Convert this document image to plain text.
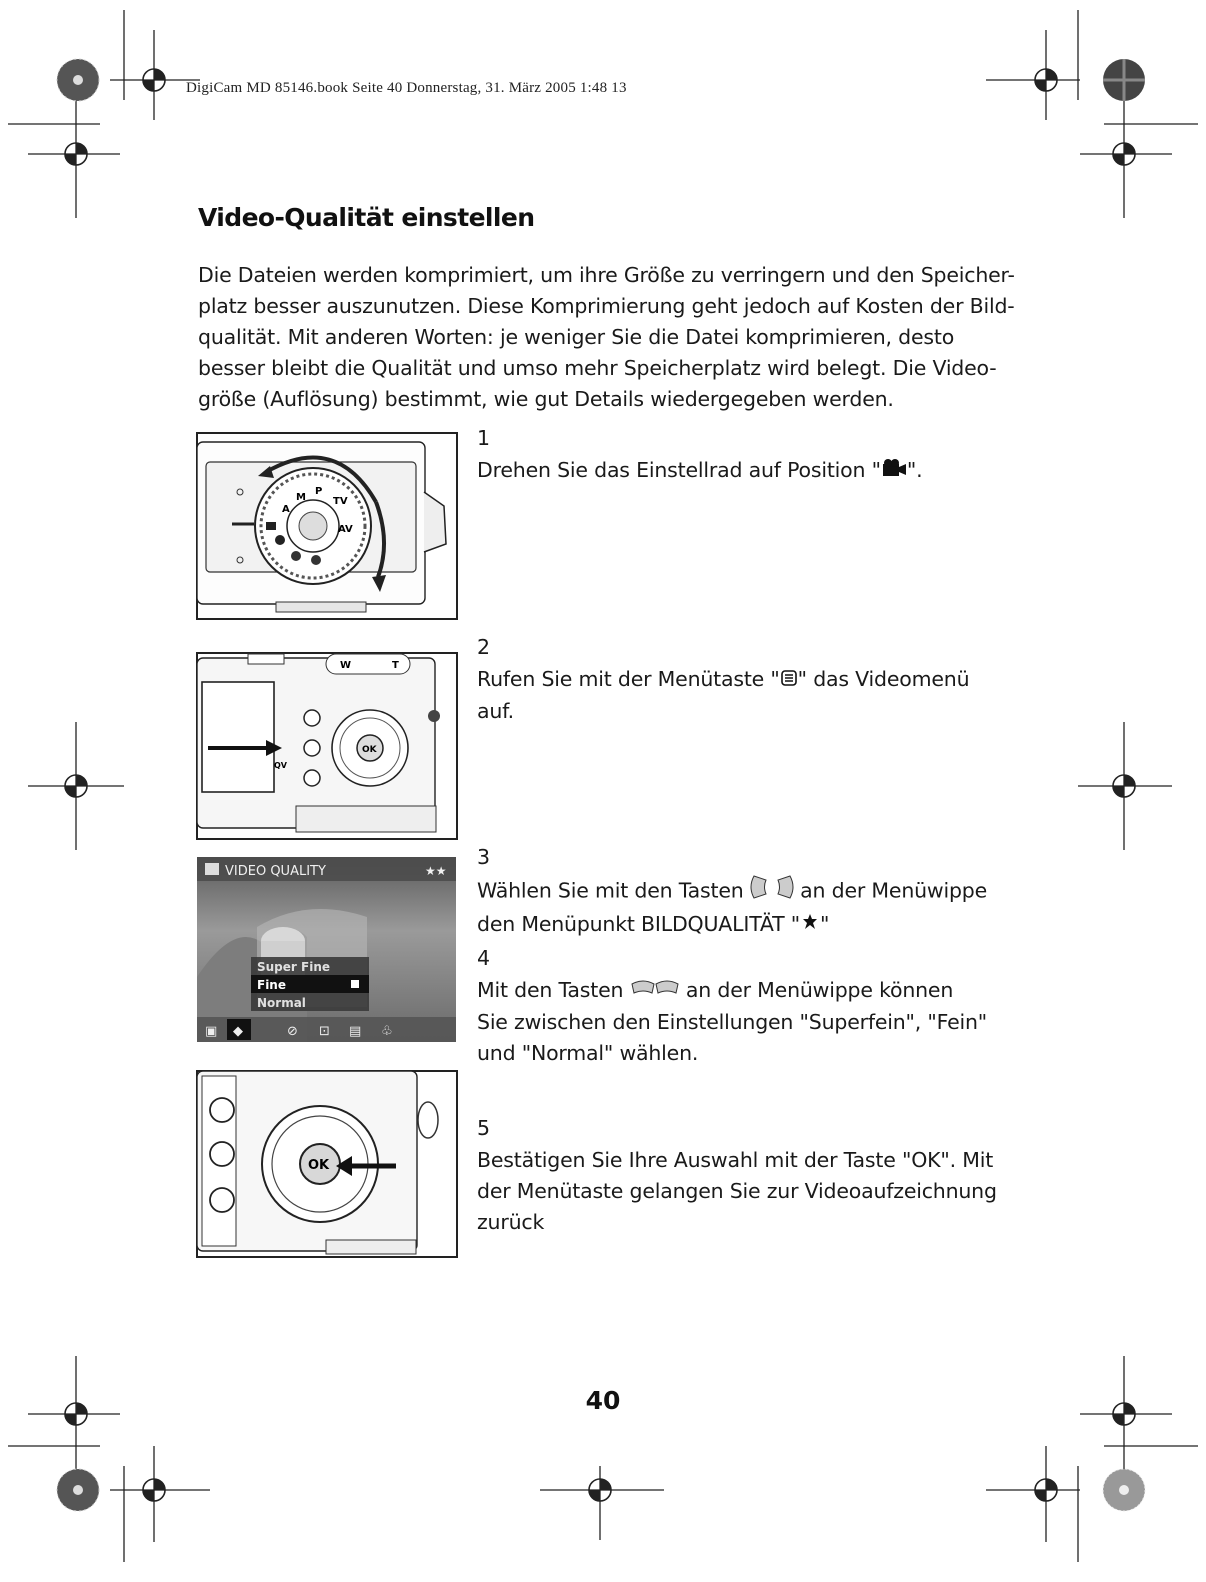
DigiCam MD 85146.book Seite 40 Donnerstag, 31. März 2005 1:48 13
Video-Qualität einstellen
Die Dateien werden komprimiert, um ihre Größe zu verringern und den Speicher-
platz besser auszunutzen. Diese Komprimierung geht jedoch auf Kosten der Bild-
qualität. Mit anderen Worten: je weniger Sie die Datei komprimieren, desto
besser bleibt die Qualität und umso mehr Speicherplatz wird belegt. Die Video-
größe (Auflösung) bestimmt, wie gut Details wiedergegeben werden.
AV
TV
P
M
A
W	T
QV
OK
VIDEO QUALITY	★★
Super Fine
Fine
Normal
▣ ◆	⊘ ⊡ ▤ ♧
OK
1
Drehen Sie das Einstellrad auf Position " ".
2
Rufen Sie mit der Menütaste " " das Videomenü
auf.
3
Wählen Sie mit den Tasten  an der Menüwippe
den Menüpunkt BILDQUALITÄT " "
4
Mit den Tasten  an der Menüwippe können
Sie zwischen den Einstellungen "Superfein", "Fein"
und "Normal" wählen.
5
Bestätigen Sie Ihre Auswahl mit der Taste "OK". Mit
der Menütaste gelangen Sie zur Videoaufzeichnung
zurück
40
